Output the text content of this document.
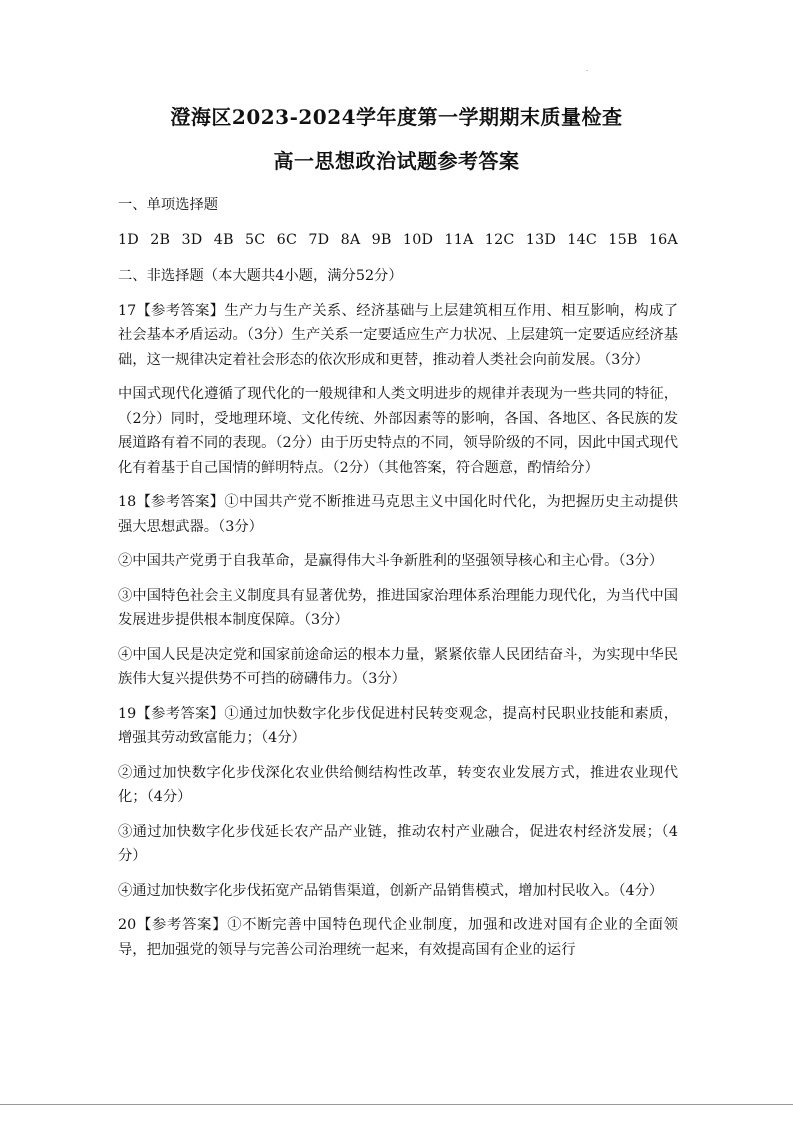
.
澄海区2023-2024学年度第一学期期末质量检查
高一思想政治试题参考答案
一、单项选择题
1D 2B 3D 4B 5C 6C 7D 8A 9B 10D 11A 12C 13D 14C 15B 16A
二、非选择题（本大题共4小题，满分52分）

17【参考答案】生产力与生产关系、经济基础与上层建筑相互作用、相互影响，构成了社会基本矛盾运动。（3分）生产关系一定要适应生产力状况、上层建筑一定要适应经济基础，这一规律决定着社会形态的依次形成和更替，推动着人类社会向前发展。（3分）

中国式现代化遵循了现代化的一般规律和人类文明进步的规律并表现为一些共同的特征，（2分）同时，受地理环境、文化传统、外部因素等的影响，各国、各地区、各民族的发展道路有着不同的表现。（2分）由于历史特点的不同，领导阶级的不同，因此中国式现代化有着基于自己国情的鲜明特点。（2分）（其他答案，符合题意，酌情给分）

18【参考答案】①中国共产党不断推进马克思主义中国化时代化，为把握历史主动提供强大思想武器。（3分）

②中国共产党勇于自我革命，是赢得伟大斗争新胜利的坚强领导核心和主心骨。（3分）

③中国特色社会主义制度具有显著优势，推进国家治理体系治理能力现代化，为当代中国发展进步提供根本制度保障。（3分）

④中国人民是决定党和国家前途命运的根本力量，紧紧依靠人民团结奋斗，为实现中华民族伟大复兴提供势不可挡的磅礴伟力。（3分）

19【参考答案】①通过加快数字化步伐促进村民转变观念，提高村民职业技能和素质，增强其劳动致富能力；（4分）

②通过加快数字化步伐深化农业供给侧结构性改革，转变农业发展方式，推进农业现代化；（4分）

③通过加快数字化步伐延长农产品产业链，推动农村产业融合，促进农村经济发展；（4分）

④通过加快数字化步伐拓宽产品销售渠道，创新产品销售模式，增加村民收入。（4分）

20【参考答案】①不断完善中国特色现代企业制度，加强和改进对国有企业的全面领导，把加强党的领导与完善公司治理统一起来，有效提高国有企业的运行
